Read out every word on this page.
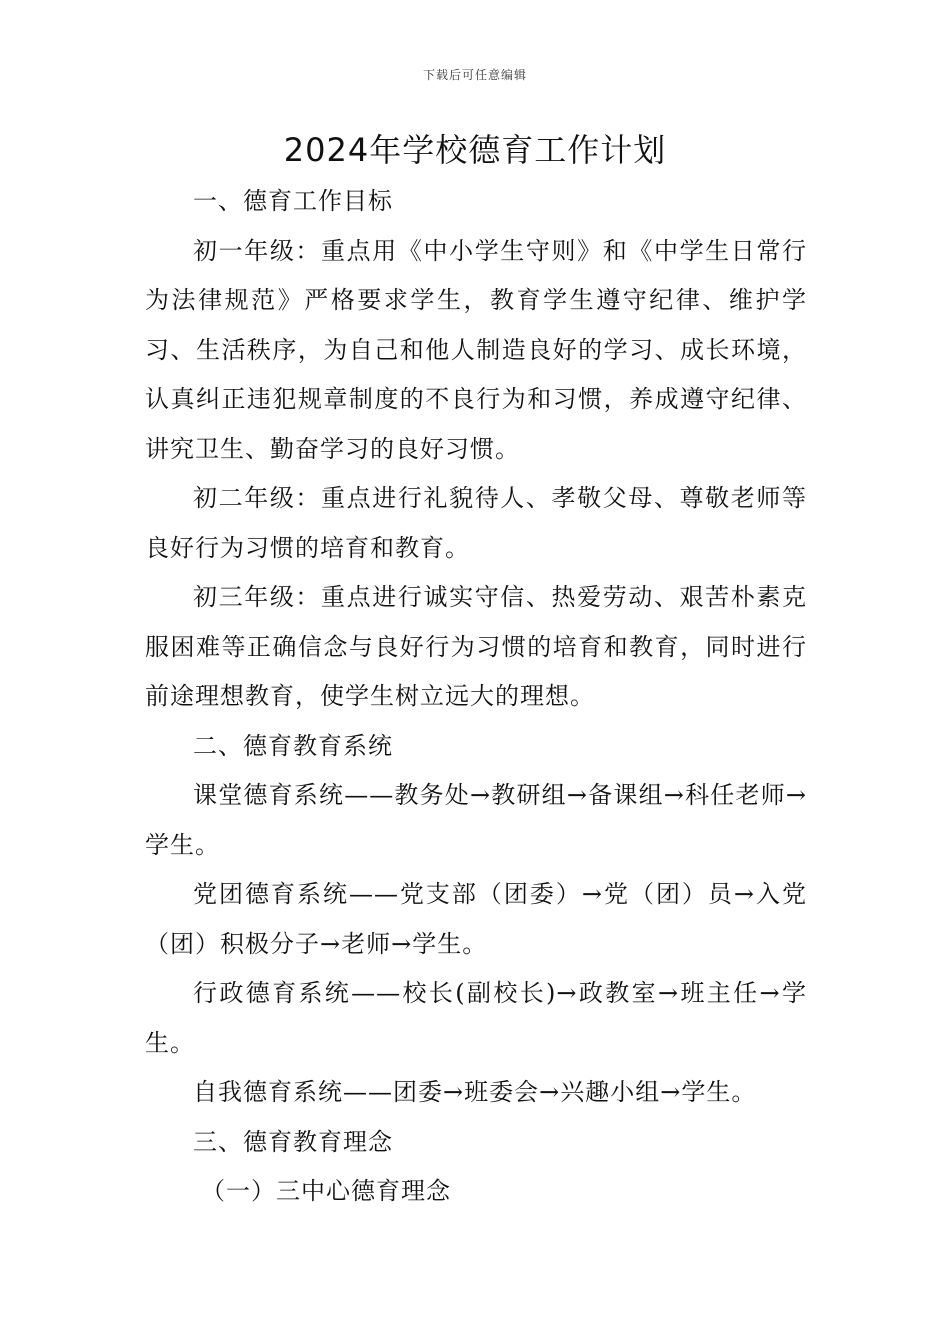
下载后可任意编辑
2024年学校德育工作计划

一、德育工作目标

初一年级：重点用《中小学生守则》和《中学生日常行为法律规范》严格要求学生，教育学生遵守纪律、维护学习、生活秩序，为自己和他人制造良好的学习、成长环境，认真纠正违犯规章制度的不良行为和习惯，养成遵守纪律、讲究卫生、勤奋学习的良好习惯。

初二年级：重点进行礼貌待人、孝敬父母、尊敬老师等良好行为习惯的培育和教育。

初三年级：重点进行诚实守信、热爱劳动、艰苦朴素克服困难等正确信念与良好行为习惯的培育和教育，同时进行前途理想教育，使学生树立远大的理想。

二、德育教育系统

课堂德育系统——教务处→教研组→备课组→科任老师→学生。

党团德育系统——党支部（团委）→党（团）员→入党（团）积极分子→老师→学生。

行政德育系统——校长(副校长)→政教室→班主任→学生。

自我德育系统——团委→班委会→兴趣小组→学生。

三、德育教育理念

（一）三中心德育理念
